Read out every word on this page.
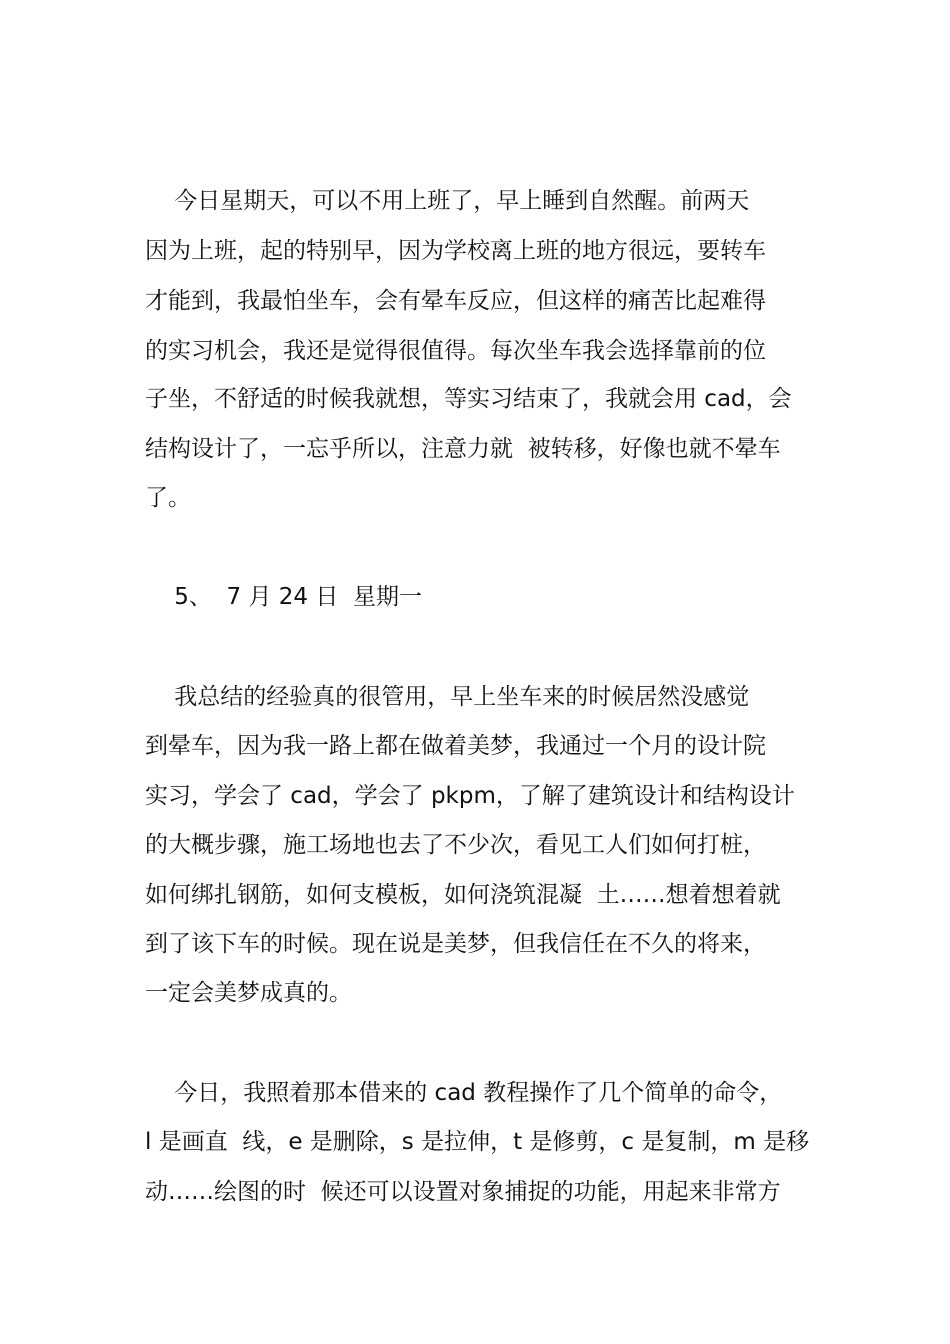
今日星期天，可以不用上班了，早上睡到自然醒。前两天

因为上班，起的特别早，因为学校离上班的地方很远，要转车

才能到，我最怕坐车，会有晕车反应，但这样的痛苦比起难得

的实习机会，我还是觉得很值得。每次坐车我会选择靠前的位

子坐，不舒适的时候我就想，等实习结束了，我就会用 cad，会

结构设计了，一忘乎所以，注意力就  被转移，好像也就不晕车

了。

5、  7 月 24 日  星期一

我总结的经验真的很管用，早上坐车来的时候居然没感觉

到晕车，因为我一路上都在做着美梦，我通过一个月的设计院

实习，学会了 cad，学会了 pkpm，了解了建筑设计和结构设计

的大概步骤，施工场地也去了不少次，看见工人们如何打桩，

如何绑扎钢筋，如何支模板，如何浇筑混凝  土……想着想着就

到了该下车的时候。现在说是美梦，但我信任在不久的将来，

一定会美梦成真的。

今日，我照着那本借来的 cad 教程操作了几个简单的命令，

l 是画直  线，e 是删除，s 是拉伸，t 是修剪，c 是复制，m 是移

动……绘图的时  候还可以设置对象捕捉的功能，用起来非常方
